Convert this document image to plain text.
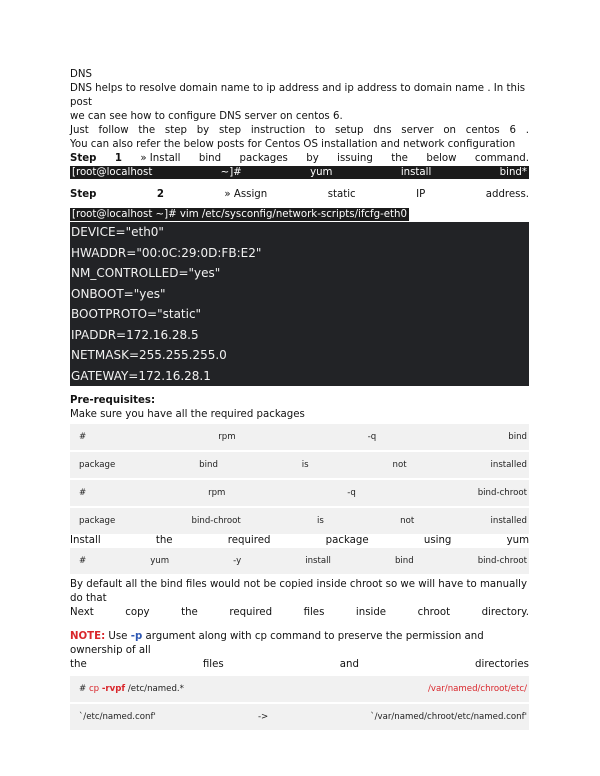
DNS
DNS helps to resolve domain name to ip address and ip address to domain name . In this post
we can see how to configure DNS server on centos 6.
Just follow the step by step instruction to setup dns server on centos 6 .
You can also refer the below posts for Centos OS installation and network configuration
Step 1 » Install bind packages by issuing the below command.
[root@localhost	~]#	yum	install	bind*
Step	2	» Assign	static	IP	address.
[root@localhost ~]# vim /etc/sysconfig/network-scripts/ifcfg-eth0
DEVICE="eth0"
HWADDR="00:0C:29:0D:FB:E2"
NM_CONTROLLED="yes"
ONBOOT="yes"
BOOTPROTO="static"
IPADDR=172.16.28.5
NETMASK=255.255.255.0
GATEWAY=172.16.28.1
Pre-requisites:
Make sure you have all the required packages
#	rpm	-q	bind
package	bind	is	not	installed
#	rpm	-q	bind-chroot
package	bind-chroot	is	not	installed
Install	the	required	package	using	yum
#	yum	-y	install	bind	bind-chroot
By default all the bind files would not be copied inside chroot so we will have to manually do that
Next	copy	the	required	files	inside	chroot	directory.
NOTE: Use -p argument along with cp command to preserve the permission and ownership of all
the	files	and	directories
# cp -rvpf /etc/named.*	/var/named/chroot/etc/
`/etc/named.conf'	->	`/var/named/chroot/etc/named.conf'
